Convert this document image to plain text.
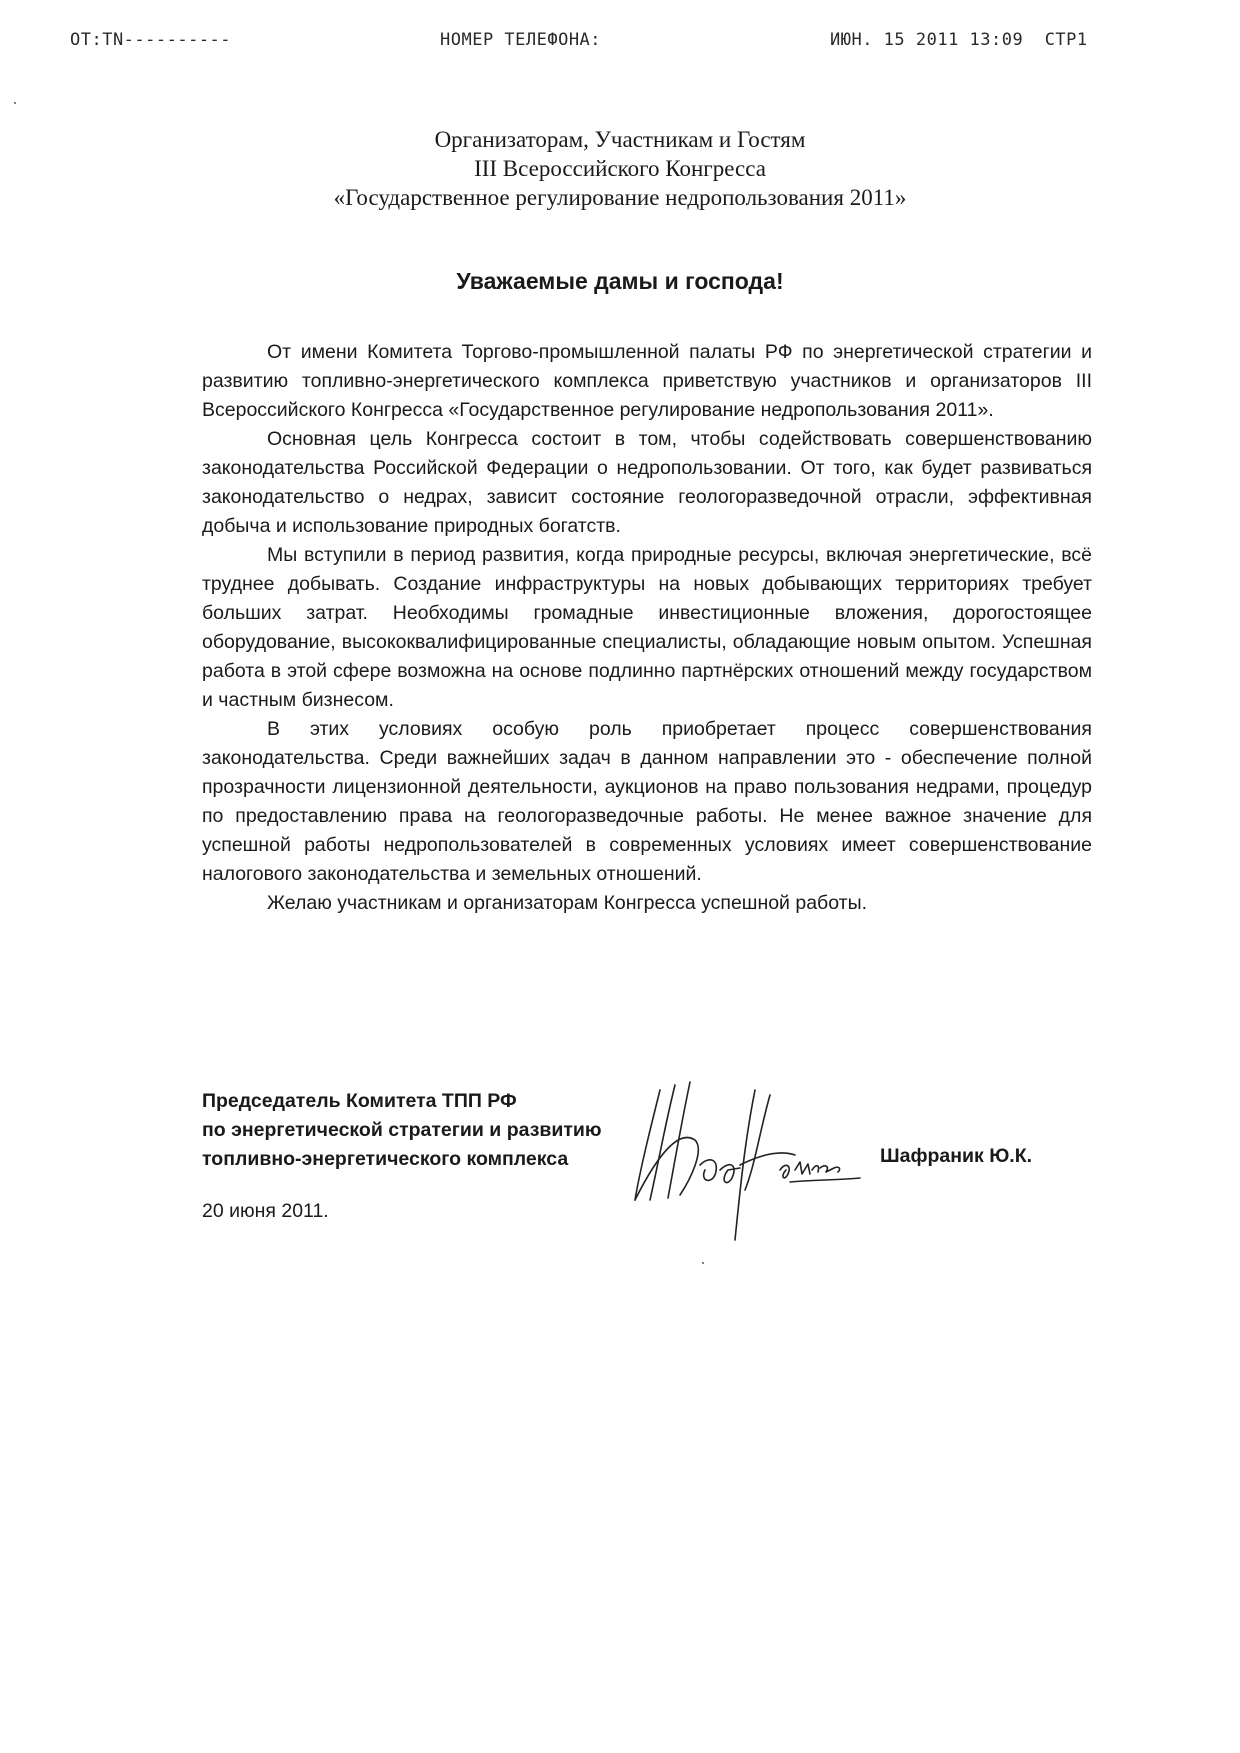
ОТ:TN----------	НОМЕР ТЕЛЕФОНА:	ИЮН. 15 2011 13:09  СТР1
Организаторам, Участникам и Гостям
III Всероссийского Конгресса
«Государственное регулирование недропользования 2011»
Уважаемые дамы и господа!

От имени Комитета Торгово-промышленной палаты РФ по энергетической стратегии и развитию топливно-энергетического комплекса приветствую участников и организаторов III Всероссийского Конгресса «Государственное регулирование недропользования 2011».

Основная цель Конгресса состоит в том, чтобы содействовать совершенствованию законодательства Российской Федерации о недропользовании. От того, как будет развиваться законодательство о недрах, зависит состояние геологоразведочной отрасли, эффективная добыча и использование природных богатств.

Мы вступили в период развития, когда природные ресурсы, включая энергетические, всё труднее добывать. Создание инфраструктуры на новых добывающих территориях требует больших затрат. Необходимы громадные инвестиционные вложения, дорогостоящее оборудование, высококвалифицированные специалисты, обладающие новым опытом. Успешная работа в этой сфере возможна на основе подлинно партнёрских отношений между государством и частным бизнесом.

В этих условиях особую роль приобретает процесс совершенствования законодательства. Среди важнейших задач в данном направлении это - обеспечение полной прозрачности лицензионной деятельности, аукционов на право пользования недрами, процедур по предоставлению права на геологоразведочные работы. Не менее важное значение для успешной работы недропользователей в современных условиях имеет совершенствование налогового законодательства и земельных отношений.

Желаю участникам и организаторам Конгресса успешной работы.

Председатель Комитета ТПП РФ
по энергетической стратегии и развитию
топливно-энергетического комплекса	Шафраник Ю.К.
20 июня 2011.
